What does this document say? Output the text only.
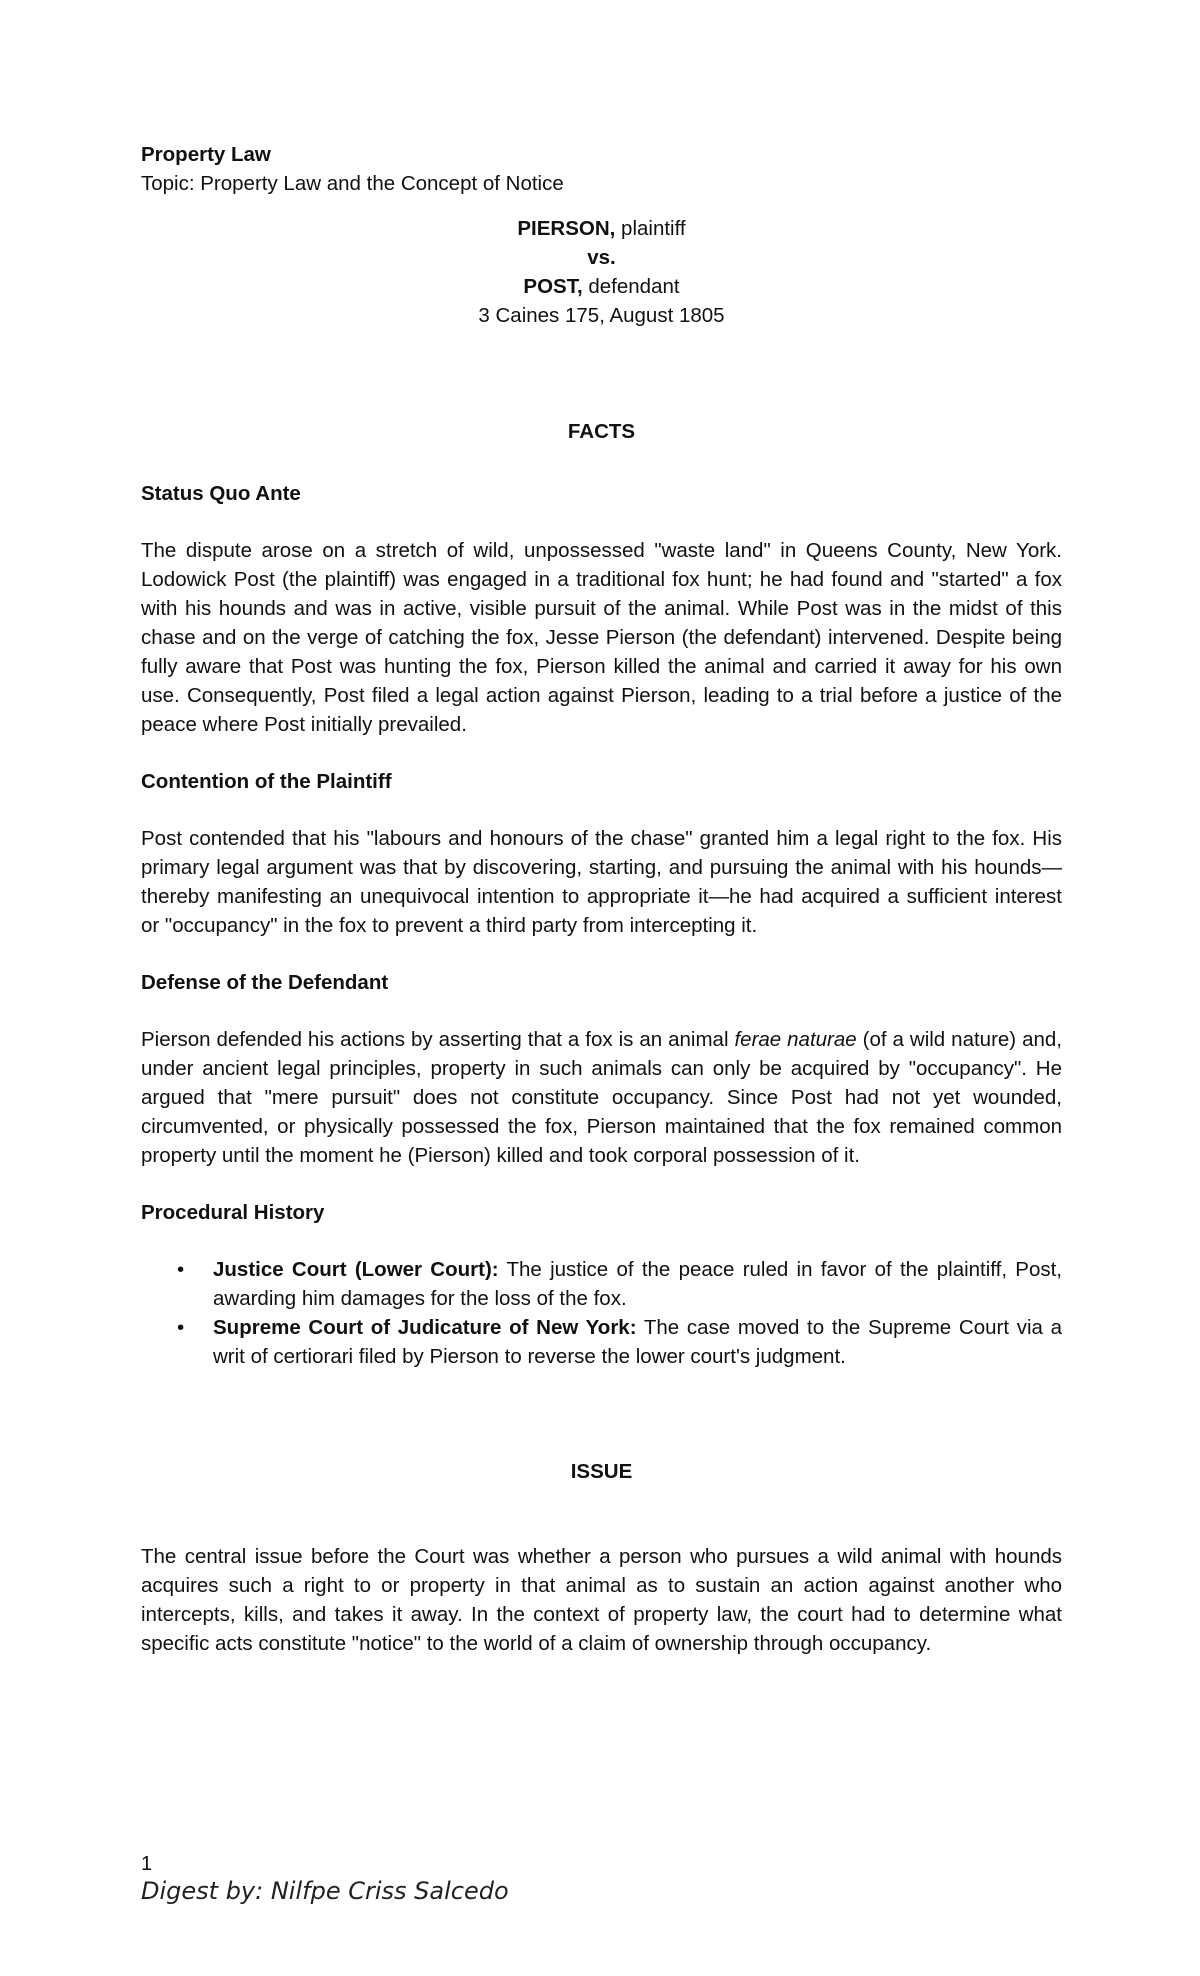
Property Law

Topic: Property Law and the Concept of Notice

PIERSON, plaintiff

vs.

POST, defendant

3 Caines 175, August 1805

FACTS

Status Quo Ante

The dispute arose on a stretch of wild, unpossessed "waste land" in Queens County, New York. Lodowick Post (the plaintiff) was engaged in a traditional fox hunt; he had found and "started" a fox with his hounds and was in active, visible pursuit of the animal. While Post was in the midst of this chase and on the verge of catching the fox, Jesse Pierson (the defendant) intervened. Despite being fully aware that Post was hunting the fox, Pierson killed the animal and carried it away for his own use. Consequently, Post filed a legal action against Pierson, leading to a trial before a justice of the peace where Post initially prevailed.

Contention of the Plaintiff

Post contended that his "labours and honours of the chase" granted him a legal right to the fox. His primary legal argument was that by discovering, starting, and pursuing the animal with his hounds—thereby manifesting an unequivocal intention to appropriate it—he had acquired a sufficient interest or "occupancy" in the fox to prevent a third party from intercepting it.

Defense of the Defendant

Pierson defended his actions by asserting that a fox is an animal ferae naturae (of a wild nature) and, under ancient legal principles, property in such animals can only be acquired by "occupancy". He argued that "mere pursuit" does not constitute occupancy. Since Post had not yet wounded, circumvented, or physically possessed the fox, Pierson maintained that the fox remained common property until the moment he (Pierson) killed and took corporal possession of it.

Procedural History

• Justice Court (Lower Court): The justice of the peace ruled in favor of the plaintiff, Post, awarding him damages for the loss of the fox.
• Supreme Court of Judicature of New York: The case moved to the Supreme Court via a writ of certiorari filed by Pierson to reverse the lower court's judgment.

ISSUE

The central issue before the Court was whether a person who pursues a wild animal with hounds acquires such a right to or property in that animal as to sustain an action against another who intercepts, kills, and takes it away. In the context of property law, the court had to determine what specific acts constitute "notice" to the world of a claim of ownership through occupancy.

1
Digest by: Nilfpe Criss Salcedo
